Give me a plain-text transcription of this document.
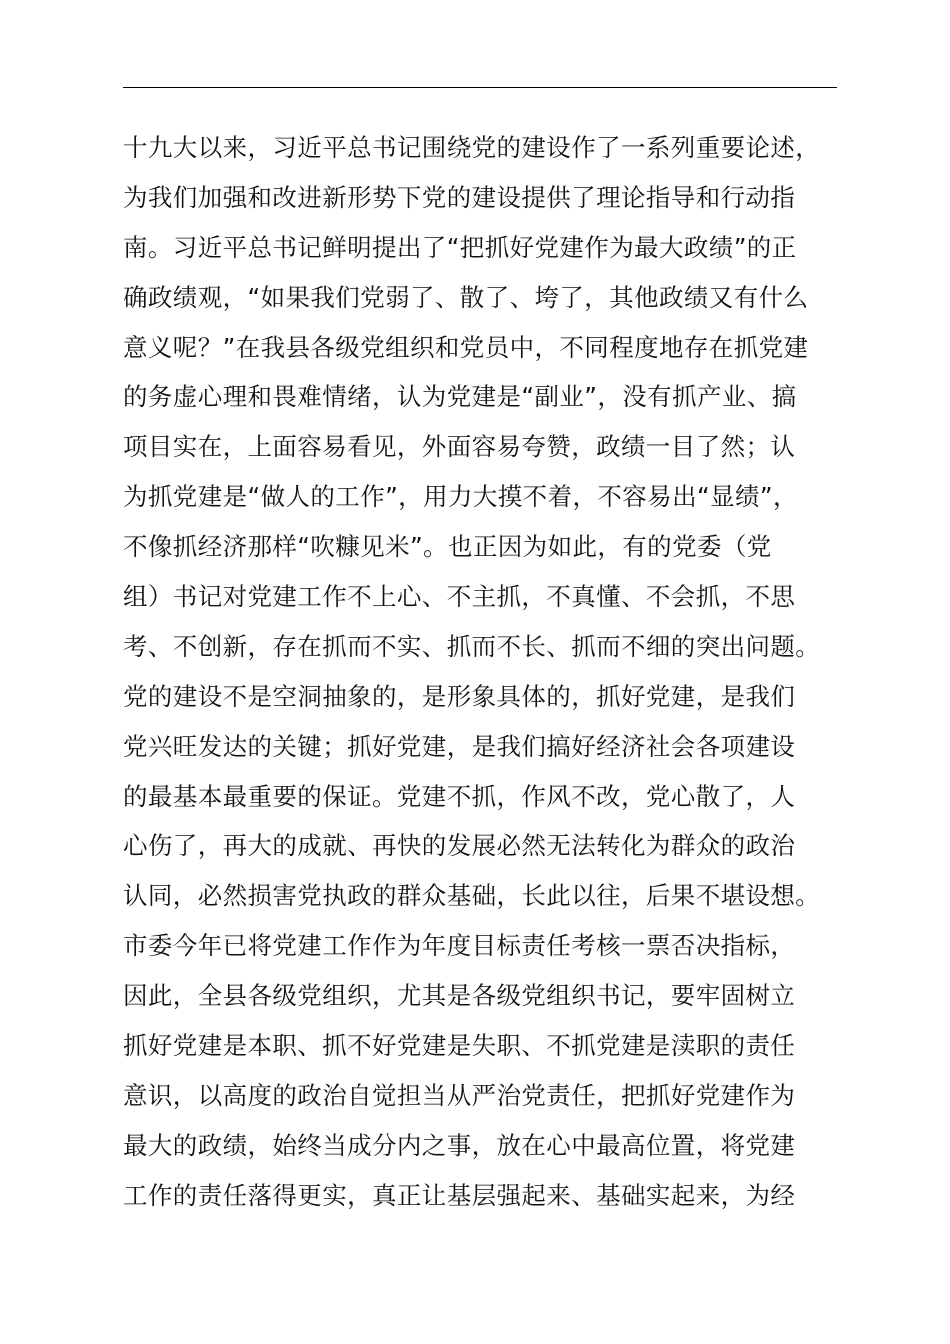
十九大以来，习近平总书记围绕党的建设作了一系列重要论述，
为我们加强和改进新形势下党的建设提供了理论指导和行动指
南。习近平总书记鲜明提出了“把抓好党建作为最大政绩”的正
确政绩观，“如果我们党弱了、散了、垮了，其他政绩又有什么
意义呢？”在我县各级党组织和党员中，不同程度地存在抓党建
的务虚心理和畏难情绪，认为党建是“副业”，没有抓产业、搞
项目实在，上面容易看见，外面容易夸赞，政绩一目了然；认
为抓党建是“做人的工作”，用力大摸不着，不容易出“显绩”，
不像抓经济那样“吹糠见米”。也正因为如此，有的党委（党
组）书记对党建工作不上心、不主抓，不真懂、不会抓，不思
考、不创新，存在抓而不实、抓而不长、抓而不细的突出问题。
党的建设不是空洞抽象的，是形象具体的，抓好党建，是我们
党兴旺发达的关键；抓好党建，是我们搞好经济社会各项建设
的最基本最重要的保证。党建不抓，作风不改，党心散了，人
心伤了，再大的成就、再快的发展必然无法转化为群众的政治
认同，必然损害党执政的群众基础，长此以往，后果不堪设想。
市委今年已将党建工作作为年度目标责任考核一票否决指标，
因此，全县各级党组织，尤其是各级党组织书记，要牢固树立
抓好党建是本职、抓不好党建是失职、不抓党建是渎职的责任
意识，以高度的政治自觉担当从严治党责任，把抓好党建作为
最大的政绩，始终当成分内之事，放在心中最高位置，将党建
工作的责任落得更实，真正让基层强起来、基础实起来，为经
